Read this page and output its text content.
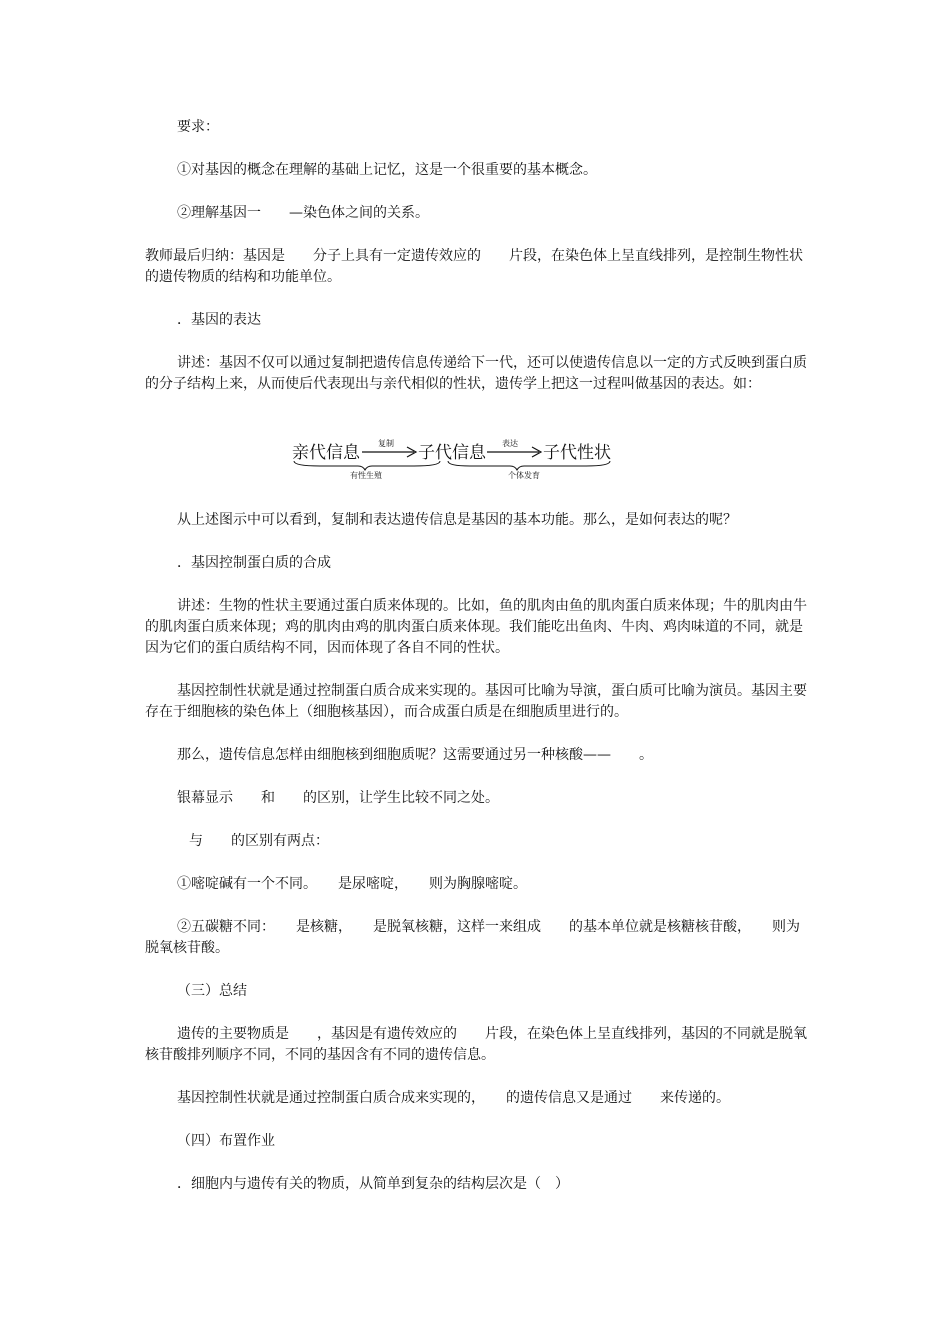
要求：

①对基因的概念在理解的基础上记忆，这是一个很重要的基本概念。

②理解基因一　　—染色体之间的关系。

教师最后归纳：基因是　　分子上具有一定遗传效应的　　片段，在染色体上呈直线排列，是控制生物性状的遗传物质的结构和功能单位。

．基因的表达

讲述：基因不仅可以通过复制把遗传信息传递给下一代，还可以使遗传信息以一定的方式反映到蛋白质的分子结构上来，从而使后代表现出与亲代相似的性状，遗传学上把这一过程叫做基因的表达。如：

亲代信息 复制 子代信息 表达 子代性状
有性生殖	个体发育

从上述图示中可以看到，复制和表达遗传信息是基因的基本功能。那么，是如何表达的呢？

．基因控制蛋白质的合成

讲述：生物的性状主要通过蛋白质来体现的。比如，鱼的肌肉由鱼的肌肉蛋白质来体现；牛的肌肉由牛的肌肉蛋白质来体现；鸡的肌肉由鸡的肌肉蛋白质来体现。我们能吃出鱼肉、牛肉、鸡肉味道的不同，就是因为它们的蛋白质结构不同，因而体现了各自不同的性状。

基因控制性状就是通过控制蛋白质合成来实现的。基因可比喻为导演，蛋白质可比喻为演员。基因主要存在于细胞核的染色体上（细胞核基因），而合成蛋白质是在细胞质里进行的。

那么，遗传信息怎样由细胞核到细胞质呢？这需要通过另一种核酸——　　。

银幕显示　　和　　的区别，让学生比较不同之处。

与　　的区别有两点：

①嘧啶碱有一个不同。　　是尿嘧啶，　　则为胸腺嘧啶。

②五碳糖不同：　　是核糖，　　是脱氧核糖，这样一来组成　　的基本单位就是核糖核苷酸，　　则为脱氧核苷酸。

（三）总结

遗传的主要物质是　　，基因是有遗传效应的　　片段，在染色体上呈直线排列，基因的不同就是脱氧核苷酸排列顺序不同，不同的基因含有不同的遗传信息。

基因控制性状就是通过控制蛋白质合成来实现的，　　的遗传信息又是通过　　来传递的。

（四）布置作业

．细胞内与遗传有关的物质，从简单到复杂的结构层次是（　）
